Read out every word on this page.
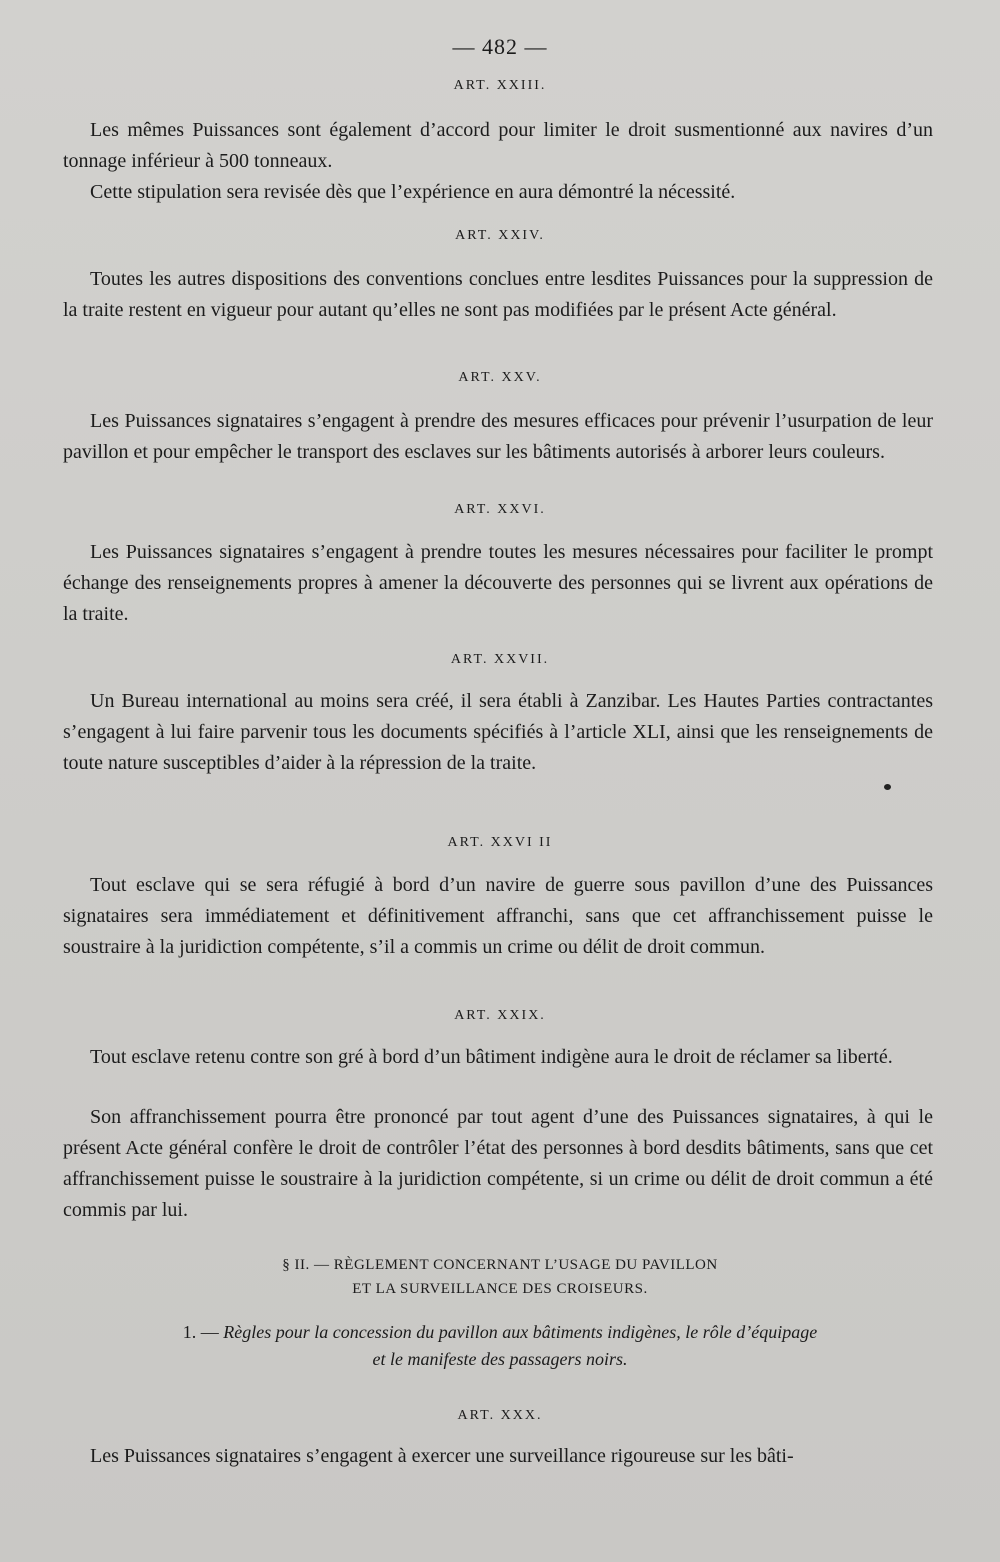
— 482 —
ART. XXIII.

Les mêmes Puissances sont également d’accord pour limiter le droit susmentionné aux navires d’un tonnage inférieur à 500 tonneaux.

Cette stipulation sera revisée dès que l’expérience en aura démontré la nécessité.

ART. XXIV.

Toutes les autres dispositions des conventions conclues entre lesdites Puissances pour la suppression de la traite restent en vigueur pour autant qu’elles ne sont pas modifiées par le présent Acte général.

ART. XXV.

Les Puissances signataires s’engagent à prendre des mesures efficaces pour prévenir l’usurpation de leur pavillon et pour empêcher le transport des esclaves sur les bâtiments autorisés à arborer leurs couleurs.

ART. XXVI.

Les Puissances signataires s’engagent à prendre toutes les mesures nécessaires pour faciliter le prompt échange des renseignements propres à amener la découverte des personnes qui se livrent aux opérations de la traite.

ART. XXVII.

Un Bureau international au moins sera créé, il sera établi à Zanzibar. Les Hautes Parties contractantes s’engagent à lui faire parvenir tous les documents spécifiés à l’article XLI, ainsi que les renseignements de toute nature susceptibles d’aider à la répression de la traite.

ART. XXVI II

Tout esclave qui se sera réfugié à bord d’un navire de guerre sous pavillon d’une des Puissances signataires sera immédiatement et définitivement affranchi, sans que cet affranchissement puisse le soustraire à la juridiction compétente, s’il a commis un crime ou délit de droit commun.

ART. XXIX.

Tout esclave retenu contre son gré à bord d’un bâtiment indigène aura le droit de réclamer sa liberté.

Son affranchissement pourra être prononcé par tout agent d’une des Puissances signataires, à qui le présent Acte général confère le droit de contrôler l’état des personnes à bord desdits bâtiments, sans que cet affranchissement puisse le soustraire à la juridiction compétente, si un crime ou délit de droit commun a été commis par lui.

§ II. — RÈGLEMENT CONCERNANT L’USAGE DU PAVILLON
ET LA SURVEILLANCE DES CROISEURS.
1. — Règles pour la concession du pavillon aux bâtiments indigènes, le rôle d’équipage
et le manifeste des passagers noirs.
ART. XXX.

Les Puissances signataires s’engagent à exercer une surveillance rigoureuse sur les bâti-
